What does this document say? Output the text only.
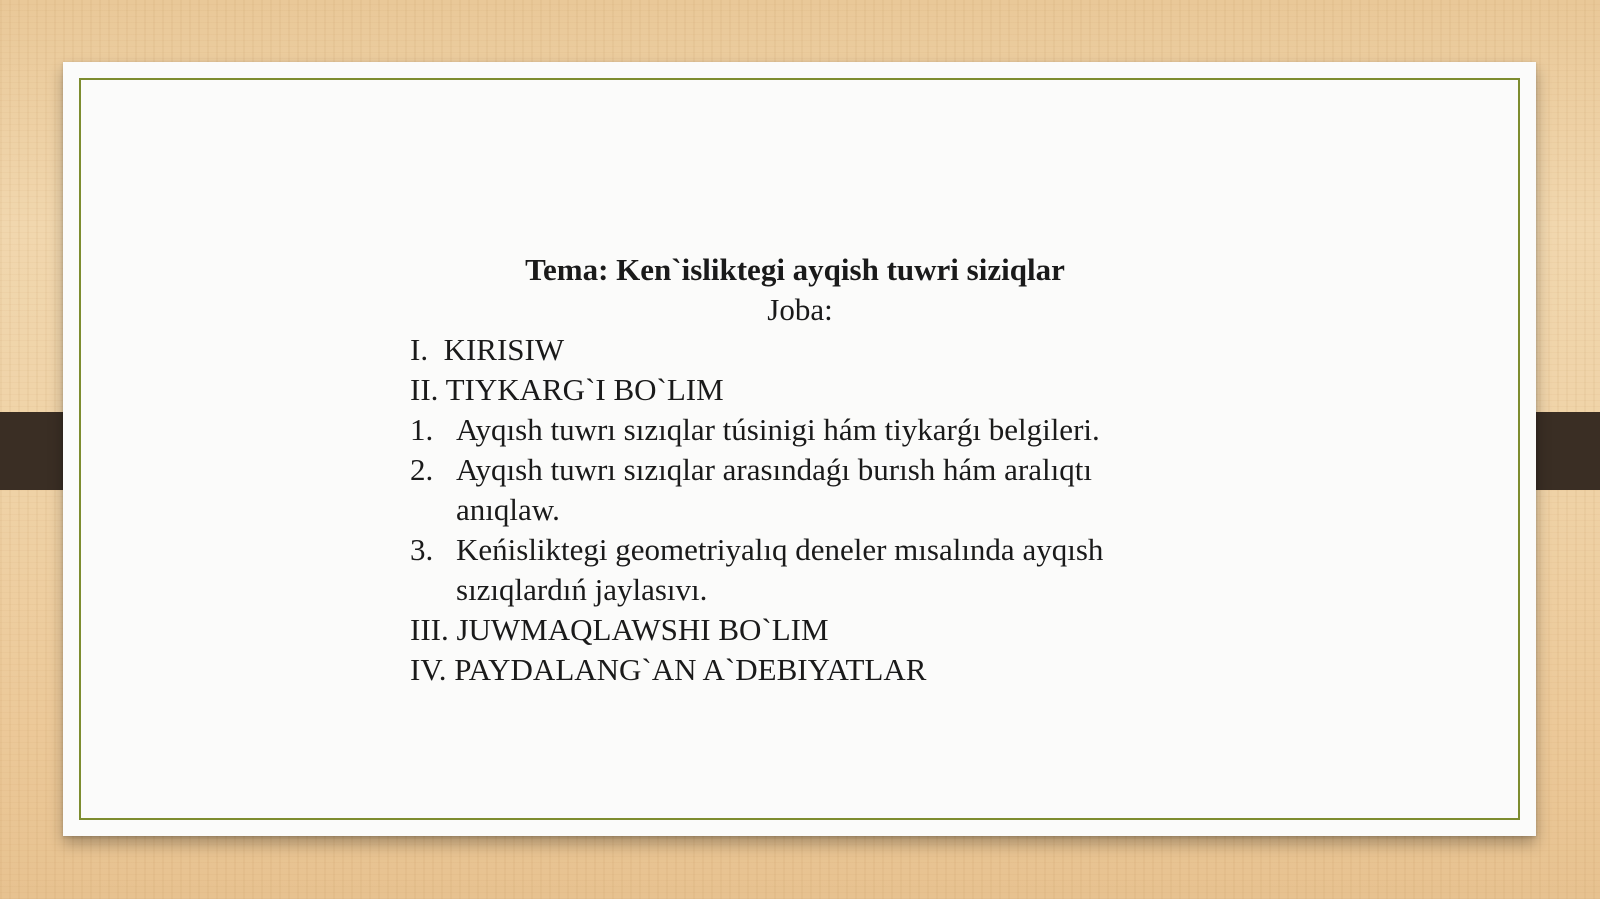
Tema: Ken`isliktegi ayqish tuwri siziqlar
Joba:
I.  KIRISIW
II. TIYKARG`I BO`LIM
1. Ayqısh tuwrı sızıqlar túsinigi hám tiykarǵı belgileri.
2. Ayqısh tuwrı sızıqlar arasındaǵı burısh hám aralıqtı
anıqlaw.
3. Keńisliktegi geometriyalıq deneler mısalında ayqısh
sızıqlardıń jaylasıvı.
III. JUWMAQLAWSHI BO`LIM
IV. PAYDALANG`AN A`DEBIYATLAR
